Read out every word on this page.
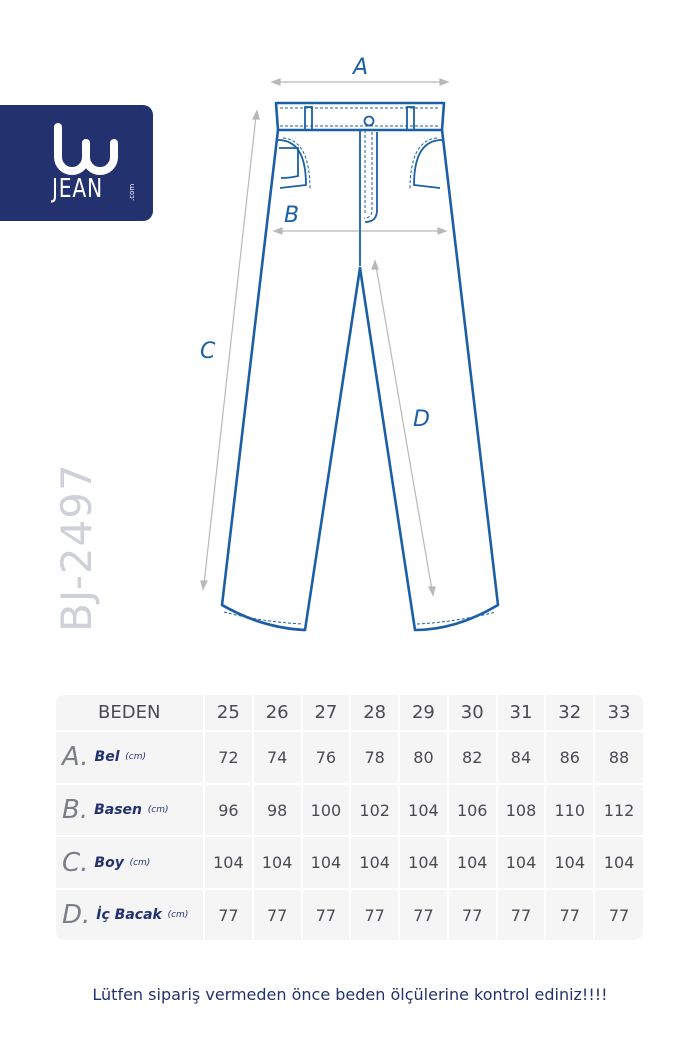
JEAN	.com
BJ-2497
A
B
C
D
BEDEN	25	26	27	28	29	30	31	32	33
A. Bel (cm)	72	74	76	78	80	82	84	86	88
B. Basen (cm)	96	98	100	102	104	106	108	110	112
C. Boy (cm)	104	104	104	104	104	104	104	104	104
D. İç Bacak (cm)	77	77	77	77	77	77	77	77	77
Lütfen sipariş vermeden önce beden ölçülerine kontrol ediniz!!!!
